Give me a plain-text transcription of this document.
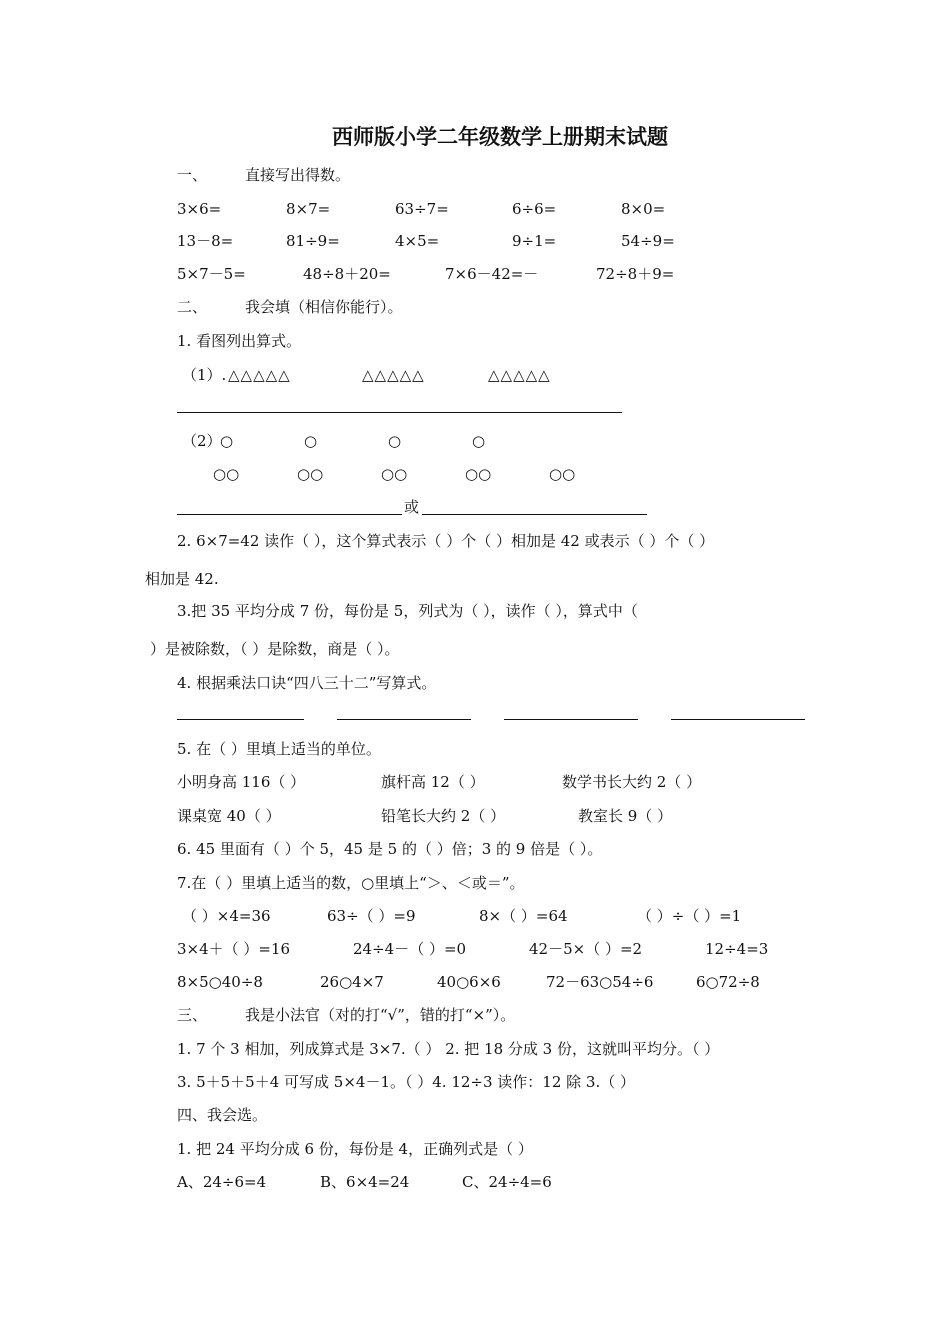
西师版小学二年级数学上册期末试题
一、	直接写出得数。
3×6=	8×7=	63÷7=	6÷6=	8×0=
13－8=	81÷9=	4×5=	9÷1=	54÷9=
5×7－5=	48÷8＋20=	7×6－42=－	72÷8＋9=
二、	我会填（相信你能行）。
1. 看图列出算式。
（1）. △△△△△	△△△△△	△△△△△
（2）
○	○	○	○
○○	○○	○○	○○	○○
或
2. 6×7=42 读作（ ），这个算式表示（ ）个（ ）相加是 42 或表示（ ）个（ ）
相加是 42.
3.把 35 平均分成 7 份，每份是 5，列式为（ ），读作（ ），算式中（
）是被除数，（ ）是除数，商是（ ）。
4. 根据乘法口诀“四八三十二”写算式。
5. 在（ ）里填上适当的单位。
小明身高 116（ ）	旗杆高 12（ ）	数学书长大约 2（ ）
课桌宽 40（ ）	铅笔长大约 2（ ）	教室长 9（ ）
6. 45 里面有（ ）个 5，45 是 5 的（ ）倍；3 的 9 倍是（ ）。
7.在（ ）里填上适当的数，○里填上“＞、＜或＝”。
（ ）×4=36	63÷（ ）=9	8×（ ）=64	（ ）÷（ ）=1
3×4＋（ ）=16	24÷4－（ ）=0	42－5×（ ）=2	12÷4=3
8×5○40÷8	26○4×7	40○6×6	72－63○54÷6	6○72÷8
三、	我是小法官（对的打“√”，错的打“×”）。
1. 7 个 3 相加，列成算式是 3×7.（ ） 2. 把 18 分成 3 份，这就叫平均分。（ ）
3. 5＋5＋5＋4 可写成 5×4－1。（ ）4. 12÷3 读作：12 除 3.（ ）
四、我会选。
1. 把 24 平均分成 6 份，每份是 4，正确列式是（ ）
A、24÷6=4	B、6×4=24	C、24÷4=6
